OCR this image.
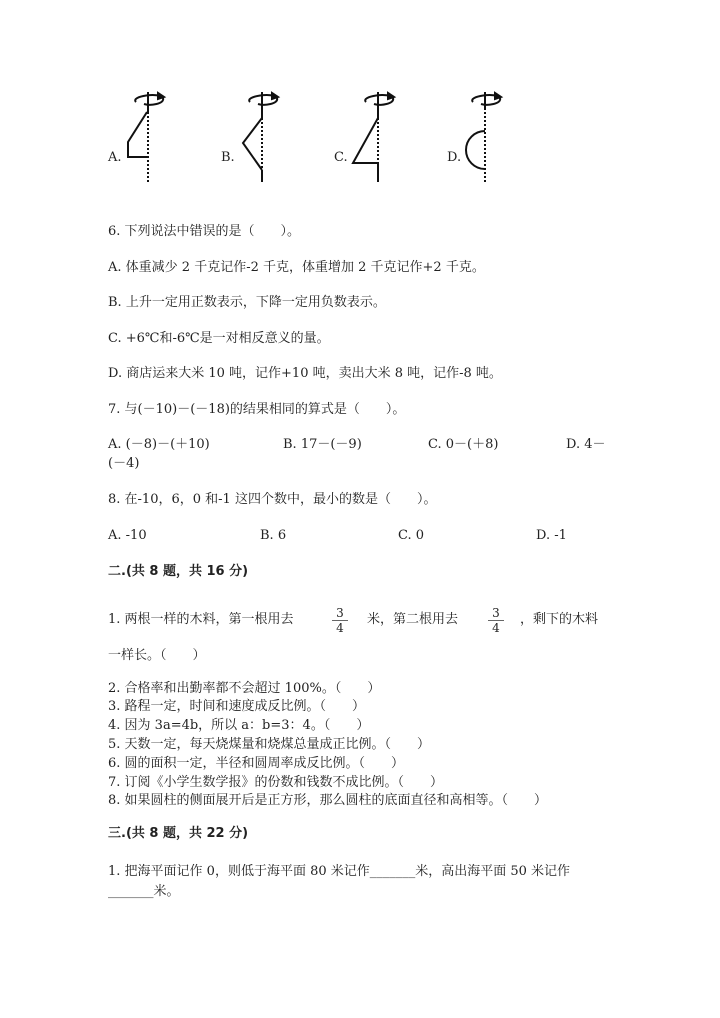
A.	B.	C.	D.
6. 下列说法中错误的是（　　）。
A. 体重减少 2 千克记作-2 千克，体重增加 2 千克记作+2 千克。
B. 上升一定用正数表示，下降一定用负数表示。
C. +6℃和-6℃是一对相反意义的量。
D. 商店运来大米 10 吨，记作+10 吨，卖出大米 8 吨，记作-8 吨。
7. 与(－10)－(－18)的结果相同的算式是（　　）。
A. (－8)－(＋10)	B. 17－(－9)	C. 0－(＋8)	D. 4－
(－4)
8. 在-10，6，0 和-1 这四个数中，最小的数是（　　）。
A. -10	B. 6	C. 0	D. -1
二.(共 8 题，共 16 分)
1. 两根一样的木料，第一根用去	$\frac{3}{4}$ 米，第二根用去 $\frac{3}{4}$ ，剩下的木料
一样长。（　　）
2. 合格率和出勤率都不会超过 100%。（　　）
3. 路程一定，时间和速度成反比例。（　　）
4. 因为 3a=4b，所以 a：b=3：4。（　　）
5. 天数一定，每天烧煤量和烧煤总量成正比例。（　　）
6. 圆的面积一定，半径和圆周率成反比例。（　　）
7. 订阅《小学生数学报》的份数和钱数不成比例。（　　）
8. 如果圆柱的侧面展开后是正方形，那么圆柱的底面直径和高相等。（　　）
三.(共 8 题，共 22 分)
1. 把海平面记作 0，则低于海平面 80 米记作_______米，高出海平面 50 米记作
_______米。
